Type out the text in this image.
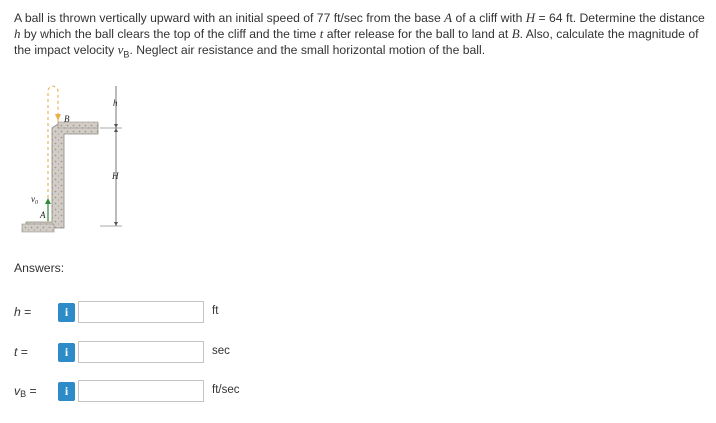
A ball is thrown vertically upward with an initial speed of 77 ft/sec from the base A of a cliff with H = 64 ft. Determine the distance h by which the ball clears the top of the cliff and the time t after release for the ball to land at B. Also, calculate the magnitude of the impact velocity $v_B$. Neglect air resistance and the small horizontal motion of the ball.

h
B
H
$v_0$
A
Answers:
h =	i	ft
t =	i	sec
$v_B$ =	i	ft/sec
